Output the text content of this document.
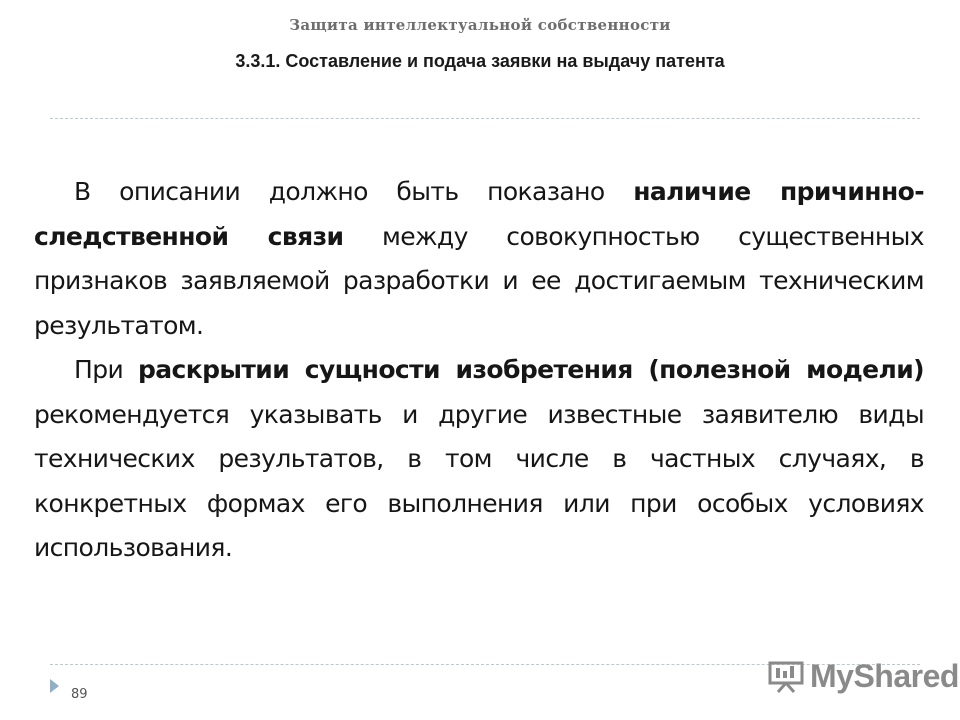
Защита интеллектуальной собственности
3.3.1. Составление и подача заявки на выдачу патента

В описании должно быть показано наличие причинно-следственной связи между совокупностью существенных признаков заявляемой разработки и ее достигаемым техническим результатом.

При раскрытии сущности изобретения (полезной модели) рекомендуется указывать и другие известные заявителю виды технических результатов, в том числе в частных случаях, в конкретных формах его выполнения или при особых условиях использования.

89
MyShared
